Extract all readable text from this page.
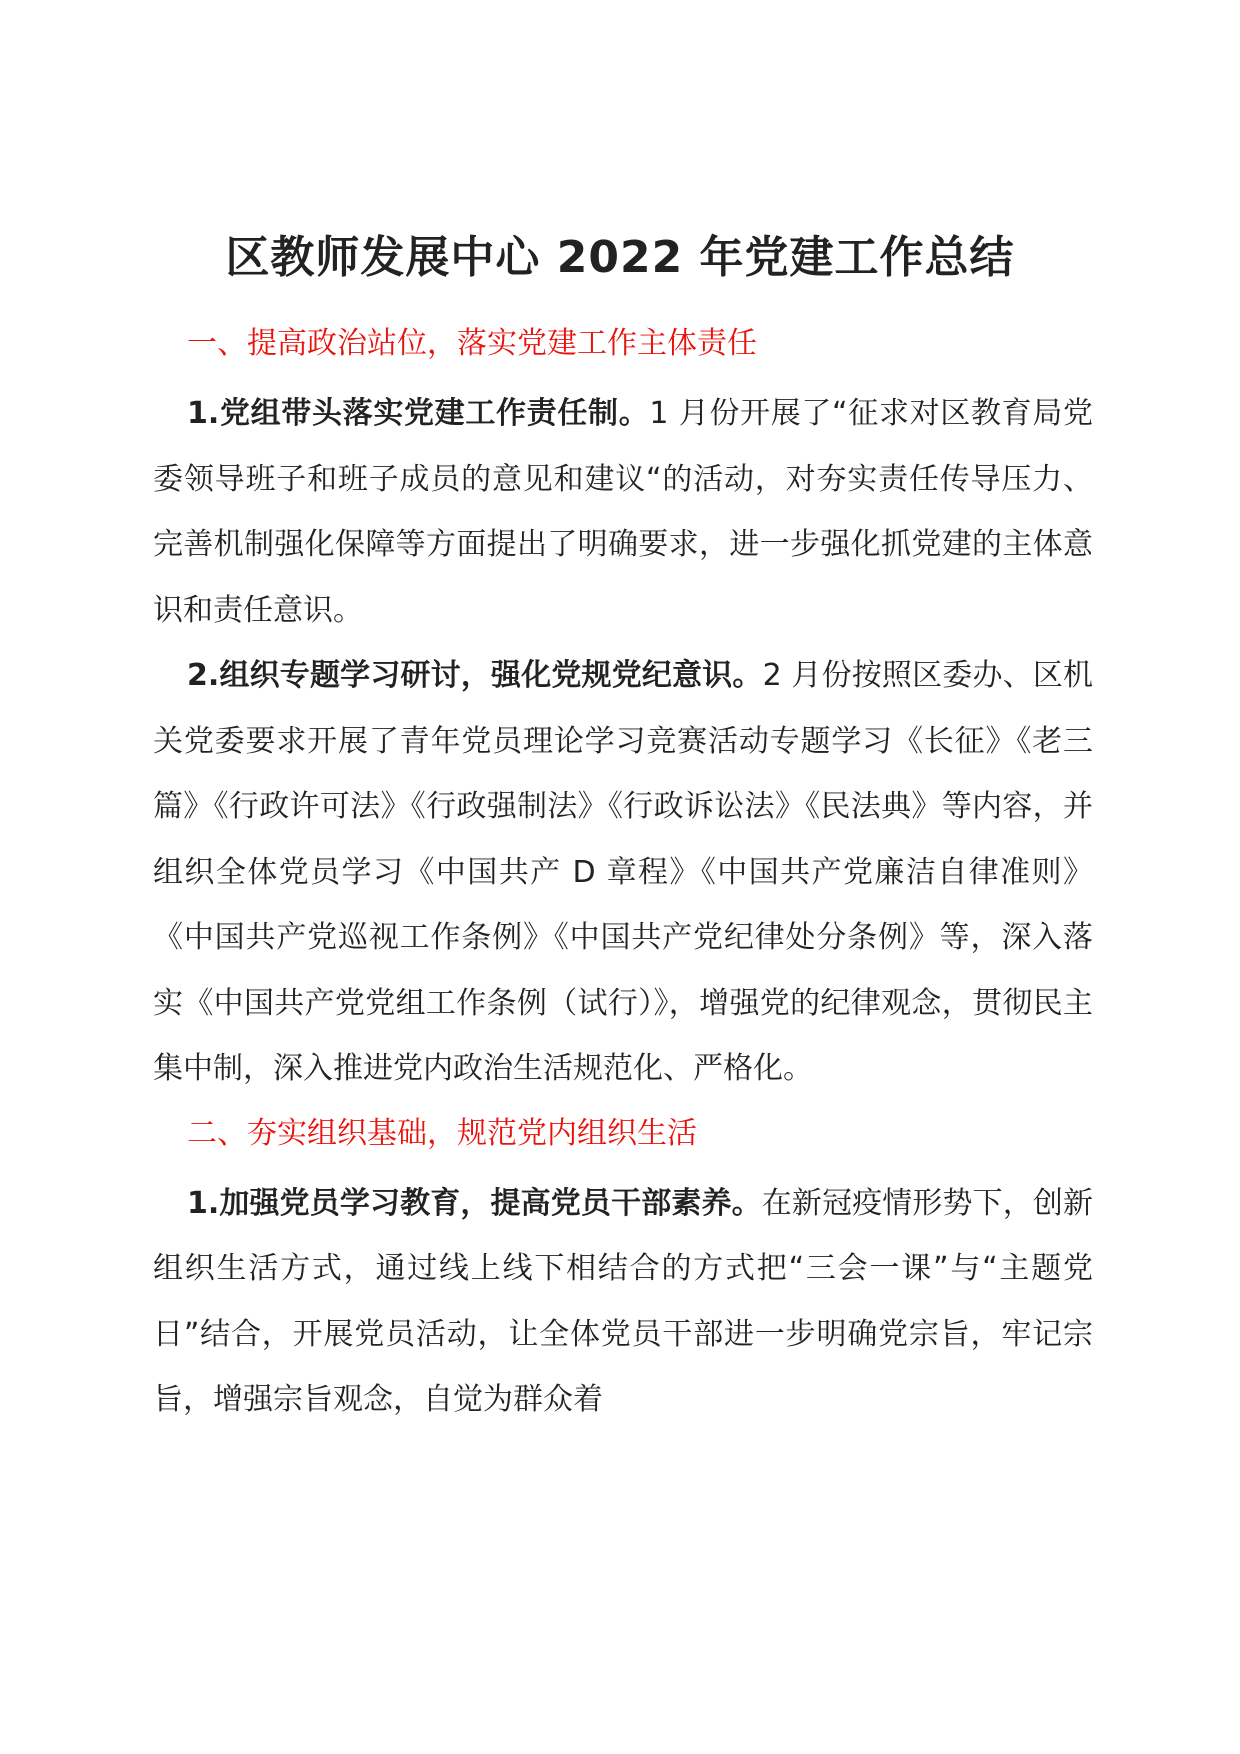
区教师发展中心 2022 年党建工作总结
一、提高政治站位，落实党建工作主体责任

1.党组带头落实党建工作责任制。1 月份开展了“征求对区教育局党委领导班子和班子成员的意见和建议“的活动，对夯实责任传导压力、完善机制强化保障等方面提出了明确要求，进一步强化抓党建的主体意识和责任意识。

2.组织专题学习研讨，强化党规党纪意识。2 月份按照区委办、区机关党委要求开展了青年党员理论学习竞赛活动专题学习《长征》《老三篇》《行政许可法》《行政强制法》《行政诉讼法》《民法典》等内容，并组织全体党员学习《中国共产 D 章程》《中国共产党廉洁自律准则》《中国共产党巡视工作条例》《中国共产党纪律处分条例》等，深入落实《中国共产党党组工作条例（试行）》，增强党的纪律观念，贯彻民主集中制，深入推进党内政治生活规范化、严格化。

二、夯实组织基础，规范党内组织生活

1.加强党员学习教育，提高党员干部素养。在新冠疫情形势下，创新组织生活方式，通过线上线下相结合的方式把“三会一课”与“主题党日”结合，开展党员活动，让全体党员干部进一步明确党宗旨，牢记宗旨，增强宗旨观念，自觉为群众着
